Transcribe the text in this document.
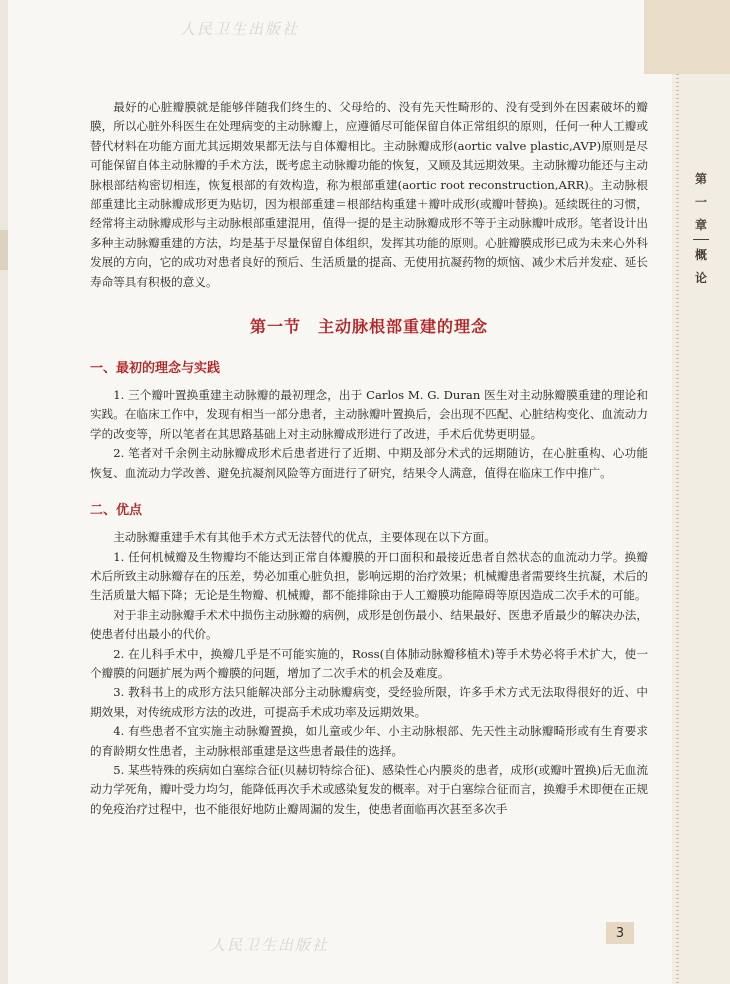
人民卫生出版社
人民卫生出版社
第
一
章
概
论

最好的心脏瓣膜就是能够伴随我们终生的、父母给的、没有先天性畸形的、没有受到外在因素破坏的瓣膜，所以心脏外科医生在处理病变的主动脉瓣上，应遵循尽可能保留自体正常组织的原则，任何一种人工瓣或替代材料在功能方面尤其远期效果都无法与自体瓣相比。主动脉瓣成形(aortic valve plastic,AVP)原则是尽可能保留自体主动脉瓣的手术方法，既考虑主动脉瓣功能的恢复，又顾及其远期效果。主动脉瓣功能还与主动脉根部结构密切相连，恢复根部的有效构造，称为根部重建(aortic root reconstruction,ARR)。主动脉根部重建比主动脉瓣成形更为贴切，因为根部重建＝根部结构重建＋瓣叶成形(或瓣叶替换)。延续既往的习惯，经常将主动脉瓣成形与主动脉根部重建混用，值得一提的是主动脉瓣成形不等于主动脉瓣叶成形。笔者设计出多种主动脉瓣重建的方法，均是基于尽量保留自体组织，发挥其功能的原则。心脏瓣膜成形已成为未来心外科发展的方向，它的成功对患者良好的预后、生活质量的提高、无使用抗凝药物的烦恼、减少术后并发症、延长寿命等具有积极的意义。

第一节　主动脉根部重建的理念
一、最初的理念与实践

1. 三个瓣叶置换重建主动脉瓣的最初理念，出于 Carlos M. G. Duran 医生对主动脉瓣膜重建的理论和实践。在临床工作中，发现有相当一部分患者，主动脉瓣叶置换后，会出现不匹配、心脏结构变化、血流动力学的改变等，所以笔者在其思路基础上对主动脉瓣成形进行了改进，手术后优势更明显。

2. 笔者对千余例主动脉瓣成形术后患者进行了近期、中期及部分术式的远期随访，在心脏重构、心功能恢复、血流动力学改善、避免抗凝剂风险等方面进行了研究，结果令人满意，值得在临床工作中推广。

二、优点

主动脉瓣重建手术有其他手术方式无法替代的优点，主要体现在以下方面。

1. 任何机械瓣及生物瓣均不能达到正常自体瓣膜的开口面积和最接近患者自然状态的血流动力学。换瓣术后所致主动脉瓣存在的压差，势必加重心脏负担，影响远期的治疗效果；机械瓣患者需要终生抗凝，术后的生活质量大幅下降；无论是生物瓣、机械瓣，都不能排除由于人工瓣膜功能障碍等原因造成二次手术的可能。

对于非主动脉瓣手术术中损伤主动脉瓣的病例，成形是创伤最小、结果最好、医患矛盾最少的解决办法，使患者付出最小的代价。

2. 在儿科手术中，换瓣几乎是不可能实施的，Ross(自体肺动脉瓣移植术)等手术势必将手术扩大，使一个瓣膜的问题扩展为两个瓣膜的问题，增加了二次手术的机会及难度。

3. 教科书上的成形方法只能解决部分主动脉瓣病变，受经验所限，许多手术方式无法取得很好的近、中期效果，对传统成形方法的改进，可提高手术成功率及远期效果。

4. 有些患者不宜实施主动脉瓣置换，如儿童或少年、小主动脉根部、先天性主动脉瓣畸形或有生育要求的育龄期女性患者，主动脉根部重建是这些患者最佳的选择。

5. 某些特殊的疾病如白塞综合征(贝赫切特综合征)、感染性心内膜炎的患者，成形(或瓣叶置换)后无血流动力学死角，瓣叶受力均匀，能降低再次手术或感染复发的概率。对于白塞综合征而言，换瓣手术即便在正规的免疫治疗过程中，也不能很好地防止瓣周漏的发生，使患者面临再次甚至多次手

3
